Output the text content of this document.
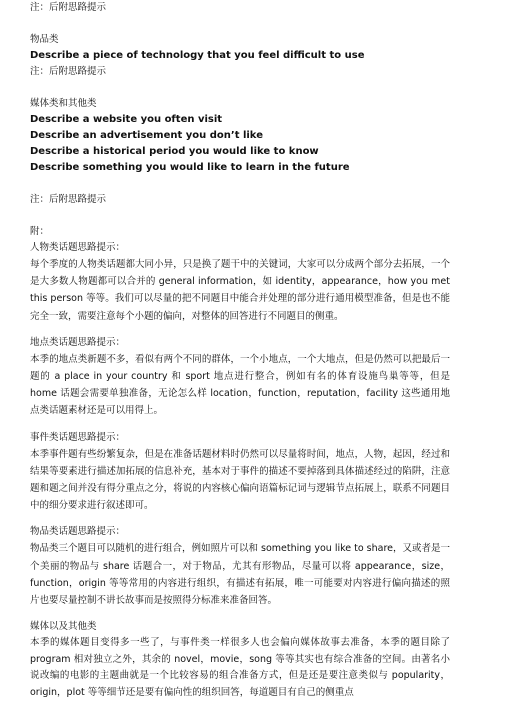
注：后附思路提示

物品类

Describe a piece of technology that you feel difficult to use

注：后附思路提示

媒体类和其他类

Describe a website you often visit

Describe an advertisement you don’t like

Describe a historical period you would like to know

Describe something you would like to learn in the future

注：后附思路提示

附：

人物类话题思路提示：

每个季度的人物类话题都大同小异，只是换了题干中的关键词，大家可以分成两个部分去拓展，一个是大多数人物题都可以合并的 general information，如 identity，appearance，how you met this person 等等。我们可以尽量的把不同题目中能合并处理的部分进行通用模型准备，但是也不能完全一致，需要注意每个小题的偏向，对整体的回答进行不同题目的侧重。

地点类话题思路提示：

本季的地点类新题不多，看似有两个不同的群体，一个小地点，一个大地点，但是仍然可以把最后一题的 a place in your country 和 sport 地点进行整合，例如有名的体育设施鸟巢等等，但是 home 话题会需要单独准备，无论怎么样 location，function，reputation，facility 这些通用地点类话题素材还是可以用得上。

事件类话题思路提示：

本季事件题有些纷繁复杂，但是在准备话题材料时仍然可以尽量将时间，地点，人物，起因，经过和结果等要素进行描述加拓展的信息补充，基本对于事件的描述不要掉落到具体描述经过的陷阱，注意题和题之间并没有得分重点之分，将说的内容核心偏向语篇标记词与逻辑节点拓展上，联系不同题目中的细分要求进行叙述即可。

物品类话题思路提示：

物品类三个题目可以随机的进行组合，例如照片可以和 something you like to share，又或者是一个美丽的物品与 share 话题合一，对于物品，尤其有形物品，尽量可以将 appearance，size，function，origin 等等常用的内容进行组织，有描述有拓展，唯一可能要对内容进行偏向描述的照片也要尽量控制不讲长故事而是按照得分标准来准备回答。

媒体以及其他类

本季的媒体题目变得多一些了，与事件类一样很多人也会偏向媒体故事去准备，本季的题目除了 program 相对独立之外，其余的 novel，movie，song 等等其实也有综合准备的空间。由著名小说改编的电影的主题曲就是一个比较容易的组合准备方式，但是还是要注意类似与 popularity，origin，plot 等等细节还是要有偏向性的组织回答，每道题目有自己的侧重点
